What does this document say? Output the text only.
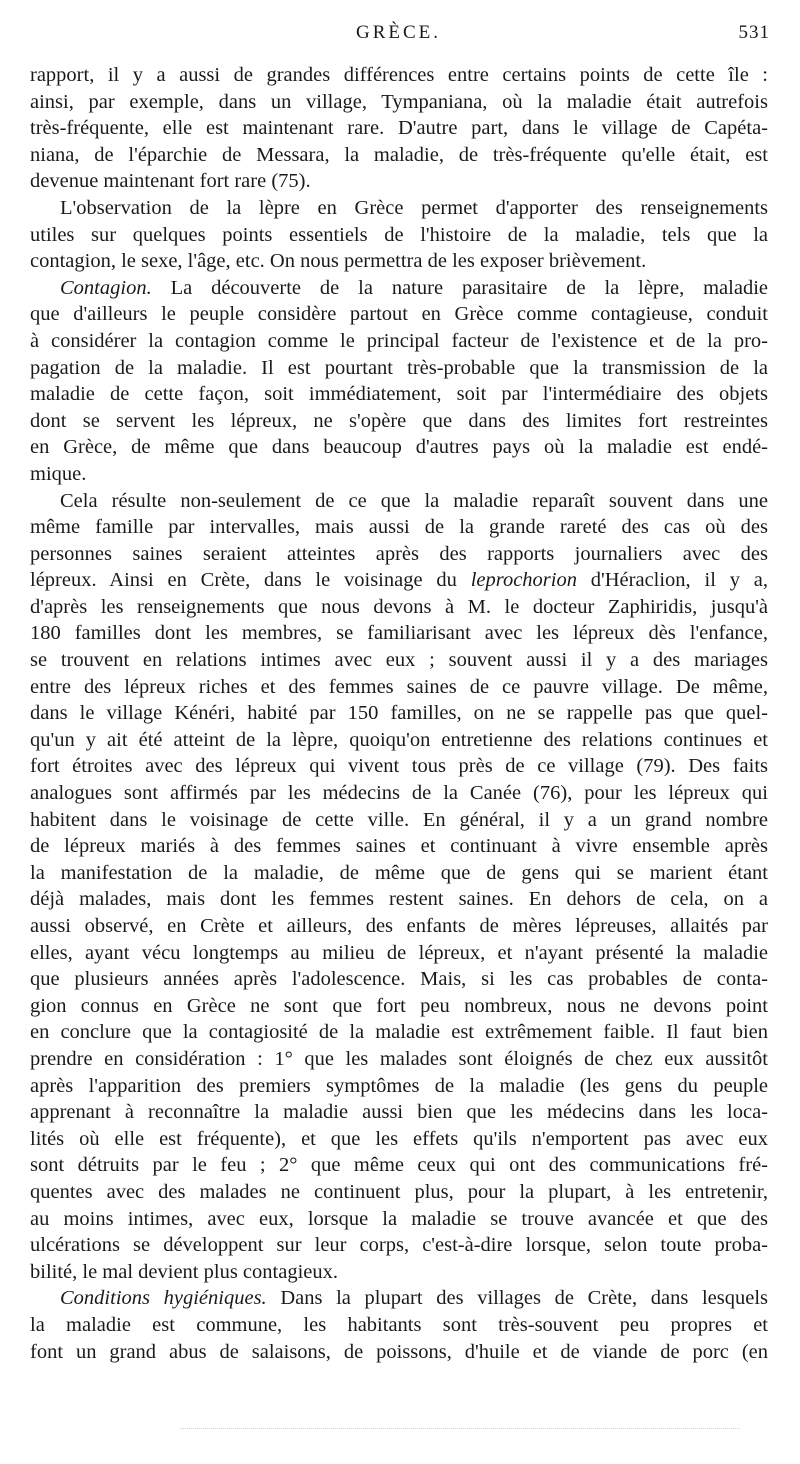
GRÈCE.	531
rapport, il y a aussi de grandes différences entre certains points de cette île :
ainsi, par exemple, dans un village, Tympaniana, où la maladie était autrefois
très-fréquente, elle est maintenant rare. D'autre part, dans le village de Capéta-
niana, de l'éparchie de Messara, la maladie, de très-fréquente qu'elle était, est
devenue maintenant fort rare (75).
L'observation de la lèpre en Grèce permet d'apporter des renseignements
utiles sur quelques points essentiels de l'histoire de la maladie, tels que la
contagion, le sexe, l'âge, etc. On nous permettra de les exposer brièvement.
Contagion. La découverte de la nature parasitaire de la lèpre, maladie
que d'ailleurs le peuple considère partout en Grèce comme contagieuse, conduit
à considérer la contagion comme le principal facteur de l'existence et de la pro-
pagation de la maladie. Il est pourtant très-probable que la transmission de la
maladie de cette façon, soit immédiatement, soit par l'intermédiaire des objets
dont se servent les lépreux, ne s'opère que dans des limites fort restreintes
en Grèce, de même que dans beaucoup d'autres pays où la maladie est endé-
mique.
Cela résulte non-seulement de ce que la maladie reparaît souvent dans une
même famille par intervalles, mais aussi de la grande rareté des cas où des
personnes saines seraient atteintes après des rapports journaliers avec des
lépreux. Ainsi en Crète, dans le voisinage du leprochorion d'Héraclion, il y a,
d'après les renseignements que nous devons à M. le docteur Zaphiridis, jusqu'à
180 familles dont les membres, se familiarisant avec les lépreux dès l'enfance,
se trouvent en relations intimes avec eux ; souvent aussi il y a des mariages
entre des lépreux riches et des femmes saines de ce pauvre village. De même,
dans le village Kénéri, habité par 150 familles, on ne se rappelle pas que quel-
qu'un y ait été atteint de la lèpre, quoiqu'on entretienne des relations continues et
fort étroites avec des lépreux qui vivent tous près de ce village (79). Des faits
analogues sont affirmés par les médecins de la Canée (76), pour les lépreux qui
habitent dans le voisinage de cette ville. En général, il y a un grand nombre
de lépreux mariés à des femmes saines et continuant à vivre ensemble après
la manifestation de la maladie, de même que de gens qui se marient étant
déjà malades, mais dont les femmes restent saines. En dehors de cela, on a
aussi observé, en Crète et ailleurs, des enfants de mères lépreuses, allaités par
elles, ayant vécu longtemps au milieu de lépreux, et n'ayant présenté la maladie
que plusieurs années après l'adolescence. Mais, si les cas probables de conta-
gion connus en Grèce ne sont que fort peu nombreux, nous ne devons point
en conclure que la contagiosité de la maladie est extrêmement faible. Il faut bien
prendre en considération : 1° que les malades sont éloignés de chez eux aussitôt
après l'apparition des premiers symptômes de la maladie (les gens du peuple
apprenant à reconnaître la maladie aussi bien que les médecins dans les loca-
lités où elle est fréquente), et que les effets qu'ils n'emportent pas avec eux
sont détruits par le feu ; 2° que même ceux qui ont des communications fré-
quentes avec des malades ne continuent plus, pour la plupart, à les entretenir,
au moins intimes, avec eux, lorsque la maladie se trouve avancée et que des
ulcérations se développent sur leur corps, c'est-à-dire lorsque, selon toute proba-
bilité, le mal devient plus contagieux.
Conditions hygiéniques. Dans la plupart des villages de Crète, dans lesquels
la maladie est commune, les habitants sont très-souvent peu propres et
font un grand abus de salaisons, de poissons, d'huile et de viande de porc (en
